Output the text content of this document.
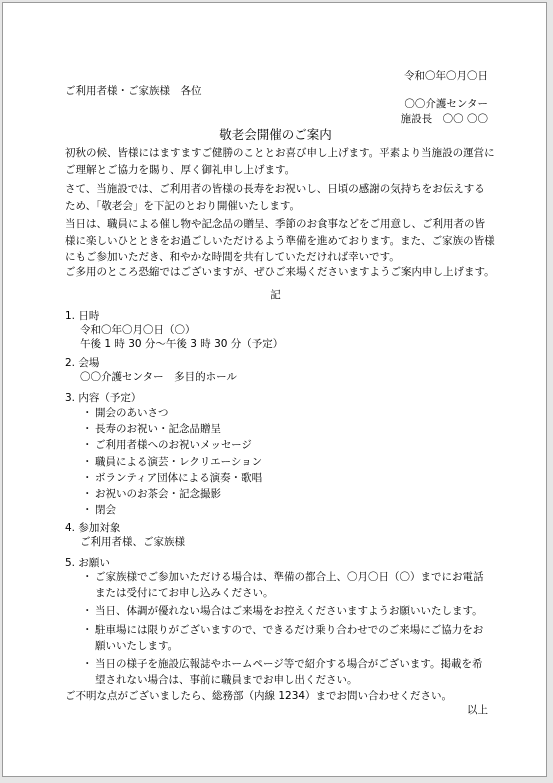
令和〇年〇月〇日
ご利用者様・ご家族様　各位
〇〇介護センター
施設長　〇〇 〇〇
敬老会開催のご案内
初秋の候、皆様にはますますご健勝のこととお喜び申し上げます。平素より当施設の運営にご理解とご協力を賜り、厚く御礼申し上げます。
さて、当施設では、ご利用者の皆様の長寿をお祝いし、日頃の感謝の気持ちをお伝えするため、「敬老会」を下記のとおり開催いたします。
当日は、職員による催し物や記念品の贈呈、季節のお食事などをご用意し、ご利用者の皆様に楽しいひとときをお過ごしいただけるよう準備を進めております。また、ご家族の皆様にもご参加いただき、和やかな時間を共有していただければ幸いです。
ご多用のところ恐縮ではございますが、ぜひご来場くださいますようご案内申し上げます。
記
1. 日時
令和〇年〇月〇日（〇）
午後 1 時 30 分～午後 3 時 30 分（予定）
2. 会場
〇〇介護センター　多目的ホール
3. 内容（予定）
・ 開会のあいさつ
・ 長寿のお祝い・記念品贈呈
・ ご利用者様へのお祝いメッセージ
・ 職員による演芸・レクリエーション
・ ボランティア団体による演奏・歌唱
・ お祝いのお茶会・記念撮影
・ 閉会
4. 参加対象
ご利用者様、ご家族様
5. お願い
・ ご家族様でご参加いただける場合は、準備の都合上、〇月〇日（〇）までにお電話または受付にてお申し込みください。
・ 当日、体調が優れない場合はご来場をお控えくださいますようお願いいたします。
・ 駐車場には限りがございますので、できるだけ乗り合わせでのご来場にご協力をお願いいたします。
・ 当日の様子を施設広報誌やホームページ等で紹介する場合がございます。掲載を希望されない場合は、事前に職員までお申し出ください。
ご不明な点がございましたら、総務部（内線 1234）までお問い合わせください。
以上
